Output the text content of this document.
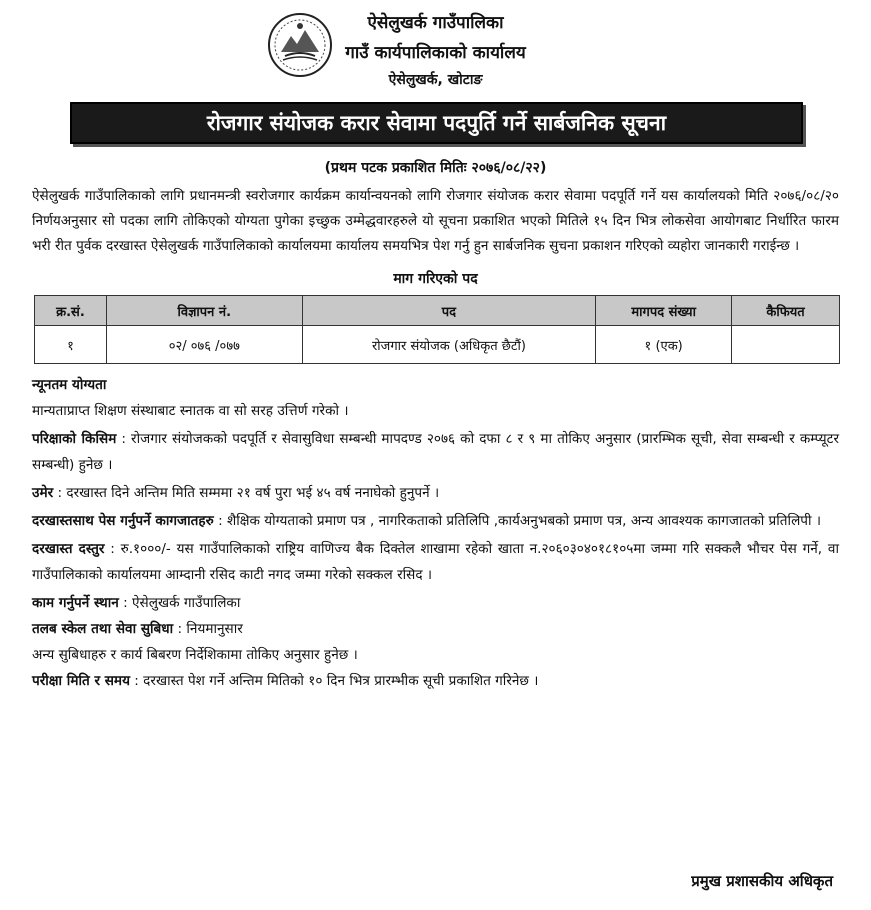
ऐसेलुखर्क गाउँपालिका
गाउँ कार्यपालिकाको कार्यालय
ऐसेलुखर्क, खोटाङ
रोजगार संयोजक करार सेवामा पदपुर्ति गर्ने सार्बजनिक सूचना
(प्रथम पटक प्रकाशित मितिः २०७६/०८/२२)

ऐसेलुखर्क गाउँपालिकाको लागि प्रधानमन्त्री स्वरोजगार कार्यक्रम कार्यान्वयनको लागि रोजगार संयोजक करार सेवामा पदपूर्ति गर्ने यस कार्यालयको मिति २०७६/०८/२० निर्णयअनुसार सो पदका लागि तोकिएको योग्यता पुगेका इच्छुक उम्मेद्धवारहरुले यो सूचना प्रकाशित भएको मितिले १५ दिन भित्र लोकसेवा आयोगबाट निर्धारित फारम भरी रीत पुर्वक दरखास्त ऐसेलुखर्क गाउँपालिकाको कार्यालयमा कार्यालय समयभित्र पेश गर्नु हुन सार्बजनिक सुचना प्रकाशन गरिएको व्यहोरा जानकारी गराईन्छ ।

माग गरिएको पद
क्र.सं.	विज्ञापन नं.	पद	मागपद संख्या	कैफियत
१	०२/ ०७६ /०७७	रोजगार संयोजक (अधिकृत छैटौं)	१ (एक)	
न्यूनतम योग्यता
मान्यताप्राप्त शिक्षण संस्थाबाट स्नातक वा सो सरह उत्तिर्ण गरेको ।
परिक्षाको किसिम : रोजगार संयोजकको पदपूर्ति र सेवासुविधा सम्बन्धी मापदण्ड २०७६ को दफा ८ र ९ मा तोकिए अनुसार (प्रारम्भिक सूची, सेवा सम्बन्धी र कम्प्यूटर सम्बन्धी) हुनेछ ।
उमेर : दरखास्त दिने अन्तिम मिति सम्ममा २१ वर्ष पुरा भई ४५ वर्ष ननाघेको हुनुपर्ने ।
दरखास्तसाथ पेस गर्नुपर्ने कागजातहरु : शैक्षिक योग्यताको प्रमाण पत्र , नागरिकताको प्रतिलिपि ,कार्यअनुभबको प्रमाण पत्र, अन्य आवश्यक कागजातको प्रतिलिपी ।
दरखास्त दस्तुर : रु.१०००/- यस गाउँपालिकाको राष्ट्रिय वाणिज्य बैक दिक्तेल शाखामा रहेको खाता न.२०६०३०४०१८१०५मा जम्मा गरि सक्कलै भौचर पेस गर्ने, वा गाउँपालिकाको कार्यालयमा आम्दानी रसिद काटी नगद जम्मा गरेको सक्कल रसिद ।
काम गर्नुपर्ने स्थान : ऐसेलुखर्क गाउँपालिका
तलब स्केल तथा सेवा सुबिधा : नियमानुसार
अन्य सुबिधाहरु र कार्य बिबरण निर्देशिकामा तोकिए अनुसार हुनेछ ।
परीक्षा मिति र समय : दरखास्त पेश गर्ने अन्तिम मितिको १० दिन भित्र प्रारम्भीक सूची प्रकाशित गरिनेछ ।
प्रमुख प्रशासकीय अधिकृत
